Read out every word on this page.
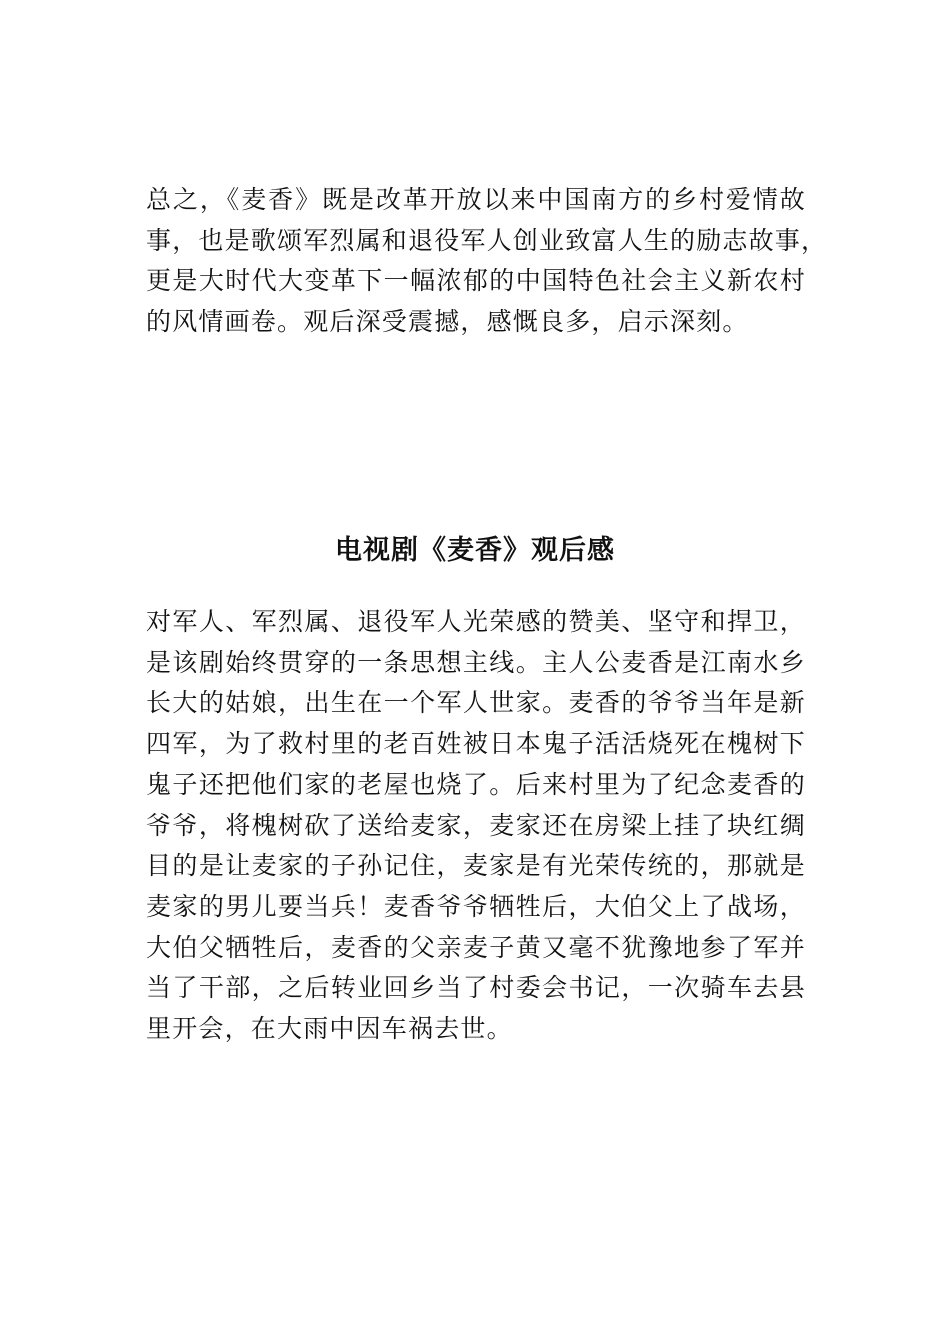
总之，《麦香》既是改革开放以来中国南方的乡村爱情故
事，也是歌颂军烈属和退役军人创业致富人生的励志故事，
更是大时代大变革下一幅浓郁的中国特色社会主义新农村
的风情画卷。观后深受震撼，感慨良多，启示深刻。

电视剧《麦香》观后感

对军人、军烈属、退役军人光荣感的赞美、坚守和捍卫，
是该剧始终贯穿的一条思想主线。主人公麦香是江南水乡
长大的姑娘，出生在一个军人世家。麦香的爷爷当年是新
四军，为了救村里的老百姓被日本鬼子活活烧死在槐树下
鬼子还把他们家的老屋也烧了。后来村里为了纪念麦香的
爷爷，将槐树砍了送给麦家，麦家还在房梁上挂了块红绸
目的是让麦家的子孙记住，麦家是有光荣传统的，那就是
麦家的男儿要当兵！麦香爷爷牺牲后，大伯父上了战场，
大伯父牺牲后，麦香的父亲麦子黄又毫不犹豫地参了军并
当了干部，之后转业回乡当了村委会书记，一次骑车去县
里开会，在大雨中因车祸去世。
